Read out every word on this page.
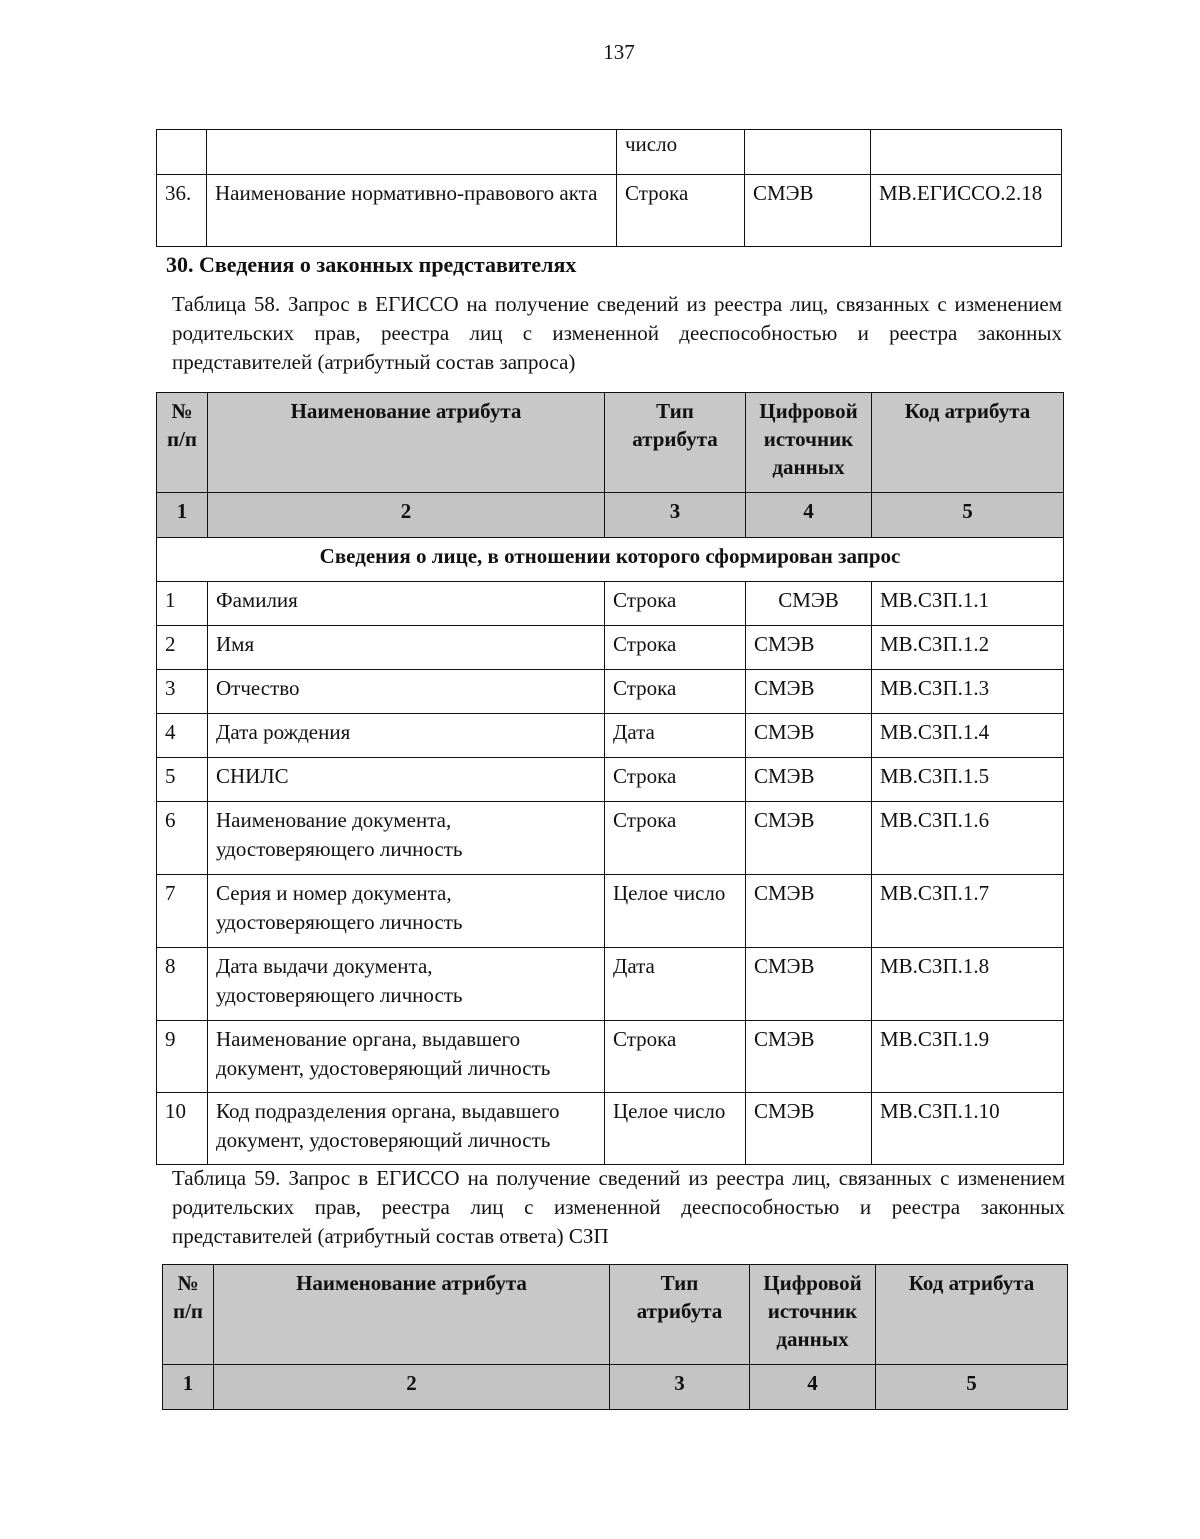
137
		число		
36.	Наименование нормативно-правового акта	Строка	СМЭВ	МВ.ЕГИССО.2.18
30. Сведения о законных представителях
Таблица 58. Запрос в ЕГИССО на получение сведений из реестра лиц, связанных с изменением
родительских прав, реестра лиц с измененной дееспособностью и реестра законных
представителей (атрибутный состав запроса)
№ п/п	Наименование атрибута	Тип атрибута	Цифровой источник данных	Код атрибута
1	2	3	4	5
Сведения о лице, в отношении которого сформирован запрос				
1	Фамилия	Строка	СМЭВ	МВ.СЗП.1.1
2	Имя	Строка	СМЭВ	МВ.СЗП.1.2
3	Отчество	Строка	СМЭВ	МВ.СЗП.1.3
4	Дата рождения	Дата	СМЭВ	МВ.СЗП.1.4
5	СНИЛС	Строка	СМЭВ	МВ.СЗП.1.5
6	Наименование документа, удостоверяющего личность	Строка	СМЭВ	МВ.СЗП.1.6
7	Серия и номер документа, удостоверяющего личность	Целое число	СМЭВ	МВ.СЗП.1.7
8	Дата выдачи документа, удостоверяющего личность	Дата	СМЭВ	МВ.СЗП.1.8
9	Наименование органа, выдавшего документ, удостоверяющий личность	Строка	СМЭВ	МВ.СЗП.1.9
10	Код подразделения органа, выдавшего документ, удостоверяющий личность	Целое число	СМЭВ	МВ.СЗП.1.10
Таблица 59. Запрос в ЕГИССО на получение сведений из реестра лиц, связанных с изменением
родительских прав, реестра лиц с измененной дееспособностью и реестра законных
представителей (атрибутный состав ответа) СЗП
№ п/п	Наименование атрибута	Тип атрибута	Цифровой источник данных	Код атрибута
1	2	3	4	5
